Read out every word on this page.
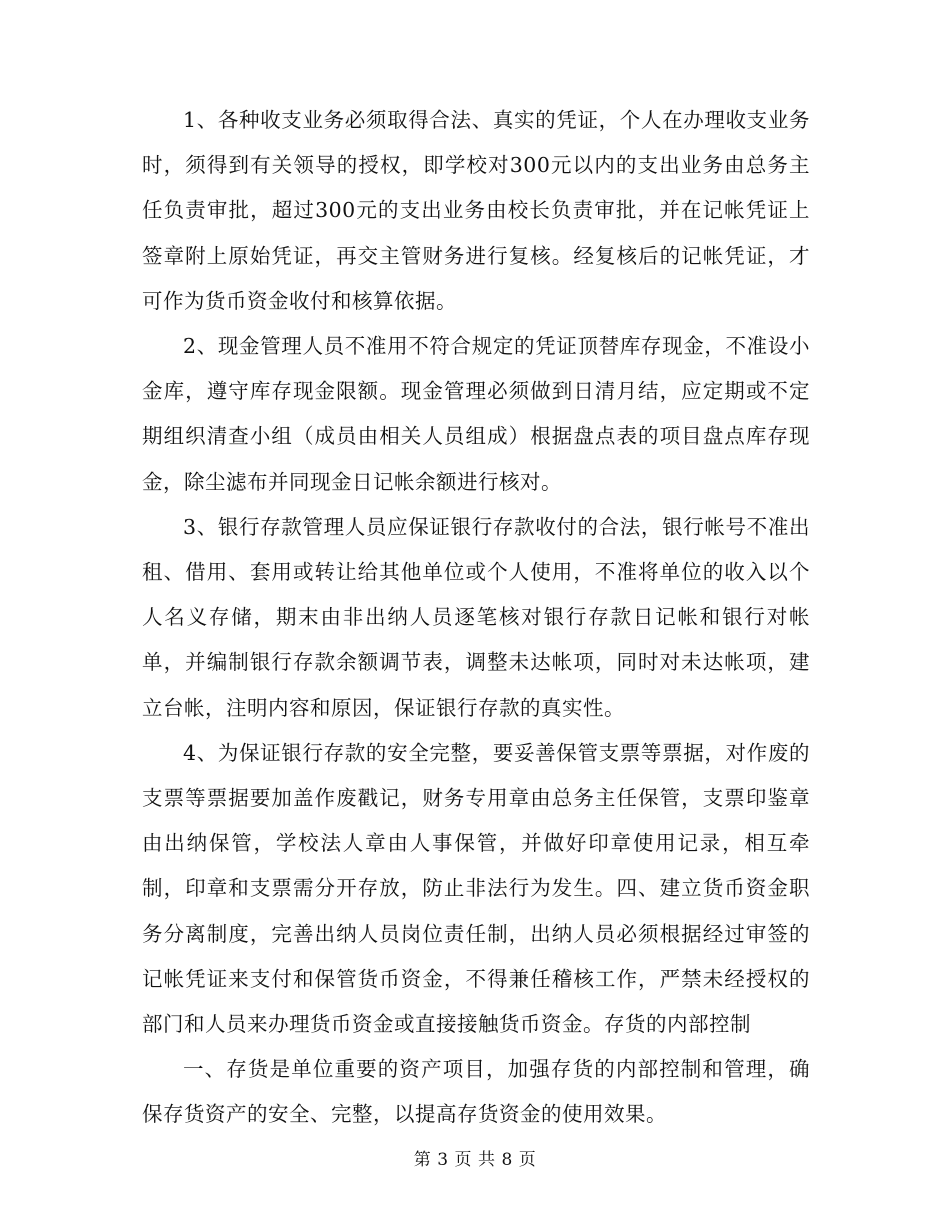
1、各种收支业务必须取得合法、真实的凭证，个人在办理收支业务时，须得到有关领导的授权，即学校对300元以内的支出业务由总务主任负责审批，超过300元的支出业务由校长负责审批，并在记帐凭证上签章附上原始凭证，再交主管财务进行复核。经复核后的记帐凭证，才可作为货币资金收付和核算依据。

2、现金管理人员不准用不符合规定的凭证顶替库存现金，不准设小金库，遵守库存现金限额。现金管理必须做到日清月结，应定期或不定期组织清查小组（成员由相关人员组成）根据盘点表的项目盘点库存现金，除尘滤布并同现金日记帐余额进行核对。

3、银行存款管理人员应保证银行存款收付的合法，银行帐号不准出租、借用、套用或转让给其他单位或个人使用，不准将单位的收入以个人名义存储，期末由非出纳人员逐笔核对银行存款日记帐和银行对帐单，并编制银行存款余额调节表，调整未达帐项，同时对未达帐项，建立台帐，注明内容和原因，保证银行存款的真实性。

4、为保证银行存款的安全完整，要妥善保管支票等票据，对作废的支票等票据要加盖作废戳记，财务专用章由总务主任保管，支票印鉴章由出纳保管，学校法人章由人事保管，并做好印章使用记录，相互牵制，印章和支票需分开存放，防止非法行为发生。四、建立货币资金职务分离制度，完善出纳人员岗位责任制，出纳人员必须根据经过审签的记帐凭证来支付和保管货币资金，不得兼任稽核工作，严禁未经授权的部门和人员来办理货币资金或直接接触货币资金。存货的内部控制

一、存货是单位重要的资产项目，加强存货的内部控制和管理，确保存货资产的安全、完整，以提高存货资金的使用效果。

第 3 页 共 8 页
